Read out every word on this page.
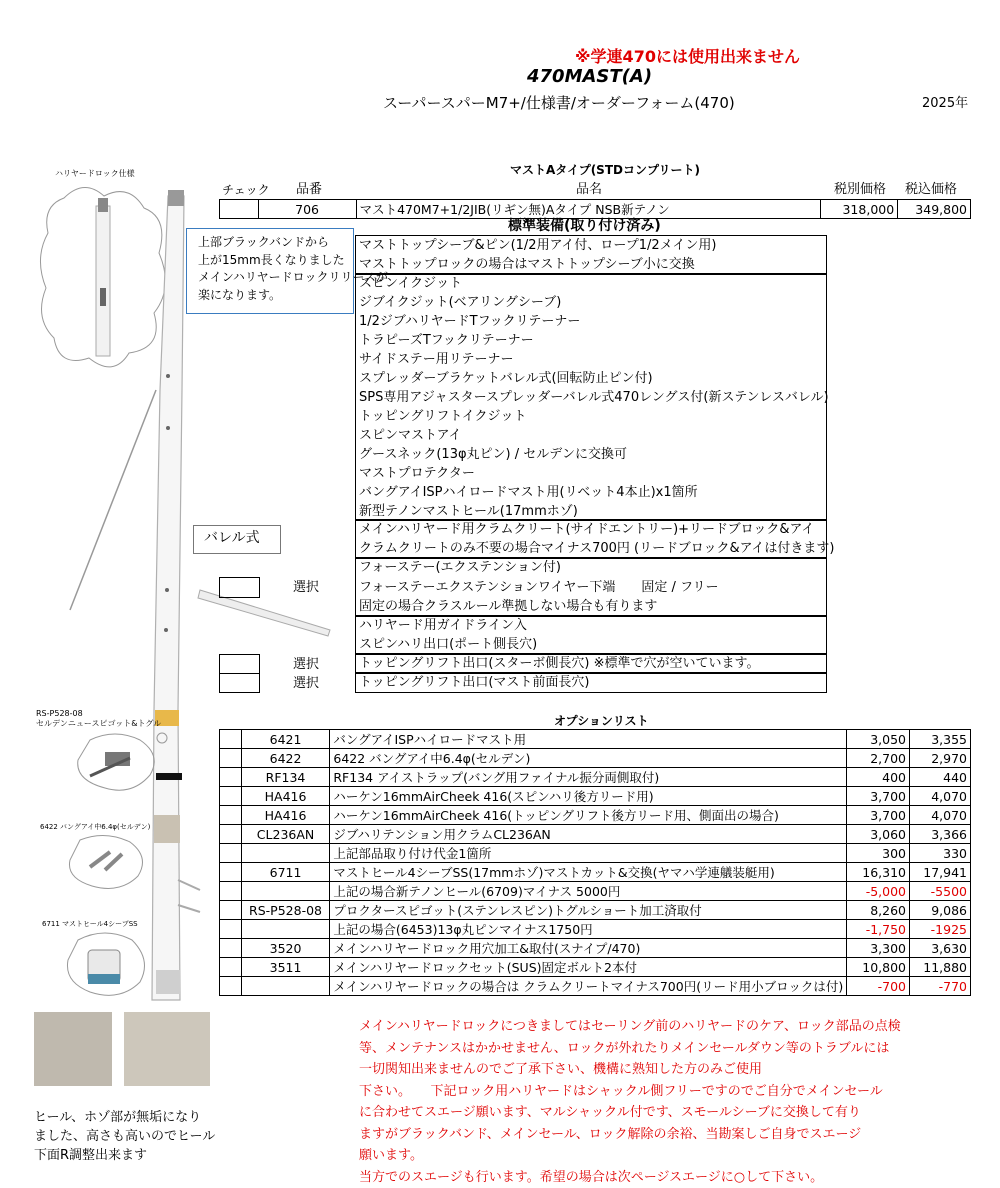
※学連470には使用出来ません
470MAST(A)
スーパースパーM7+/仕様書/オーダーフォーム(470)	2025年
ハリヤードロック仕様
上部ブラックバンドから
上が15mm長くなりました
メインハリヤードロックリリースが
楽になります。
バレル式
RS-P528-08
セルデンニュースピゴット&トグル
6422 バングアイ中6.4φ(セルデン)
6711 マストヒール4シーブSS
ヒール、ホゾ部が無垢になり
ました、高さも高いのでヒール
下面R調整出来ます
マストAタイプ(STDコンプリート)
チェック 品番	品名	税別価格 税込価格
	706	マスト470M7+1/2JIB(リギン無)Aタイプ NSB新テノン	318,000	349,800
標準装備(取り付け済み)
マストトップシーブ&ピン(1/2用アイ付、ロープ1/2メイン用)
マストトップロックの場合はマストトップシーブ小に交換
スピンイクジット
ジブイクジット(ベアリングシーブ)
1/2ジブハリヤードTフックリテーナー
トラピーズTフックリテーナー
サイドステー用リテーナー
スプレッダーブラケットバレル式(回転防止ピン付)
SPS専用アジャスタースプレッダーバレル式470レングス付(新ステンレスバレル)
トッピングリフトイクジット
スピンマストアイ
グースネック(13φ丸ピン) / セルデンに交換可
マストプロテクター
バングアイISPハイロードマスト用(リベット4本止)x1箇所
新型テノンマストヒール(17mmホゾ)
メインハリヤード用クラムクリート(サイドエントリー)+リードブロック&アイ
クラムクリートのみ不要の場合マイナス700円 (リードブロック&アイは付きます)
フォーステー(エクステンション付)
フォーステーエクステンションワイヤー下端　　固定 / フリー
固定の場合クラスルール準拠しない場合も有ります
選択
ハリヤード用ガイドライン入
スピンハリ出口(ポート側長穴)
トッピングリフト出口(スターボ側長穴) ※標準で穴が空いています。
選択
トッピングリフト出口(マスト前面長穴)
選択
オプションリスト
	6421	バングアイISPハイロードマスト用	3,050	3,355
	6422	6422 バングアイ中6.4φ(セルデン)	2,700	2,970
	RF134	RF134 アイストラップ(バング用ファイナル振分両側取付)	400	440
	HA416	ハーケン16mmAirCheek 416(スピンハリ後方リード用)	3,700	4,070
	HA416	ハーケン16mmAirCheek 416(トッピングリフト後方リード用、側面出の場合)	3,700	4,070
	CL236AN	ジブハリテンション用クラムCL236AN	3,060	3,366
		上記部品取り付け代金1箇所	300	330
	6711	マストヒール4シーブSS(17mmホゾ)マストカット&交換(ヤマハ学連艤装艇用)	16,310	17,941
		上記の場合新テノンヒール(6709)マイナス 5000円	-5,000	-5500
	RS-P528-08	プロクタースピゴット(ステンレスピン)トグルショート加工済取付	8,260	9,086
		上記の場合(6453)13φ丸ピンマイナス1750円	-1,750	-1925
	3520	メインハリヤードロック用穴加工&取付(スナイプ/470)	3,300	3,630
	3511	メインハリヤードロックセット(SUS)固定ボルト2本付	10,800	11,880
		メインハリヤードロックの場合は クラムクリートマイナス700円(リード用小ブロックは付)	-700	-770
メインハリヤードロックにつきましてはセーリング前のハリヤードのケア、ロック部品の点検
等、メンテナンスはかかせません、ロックが外れたりメインセールダウン等のトラブルには
一切関知出来ませんのでご了承下さい、機構に熟知した方のみご使用
下さい。　　下記ロック用ハリヤードはシャックル側フリーですのでご自分でメインセール
に合わせてスエージ願います、マルシャックル付です、スモールシーブに交換して有り
ますがブラックバンド、メインセール、ロック解除の余裕、当勘案しご自身でスエージ
願います。
当方でのスエージも行います。希望の場合は次ページスエージに○して下さい。
